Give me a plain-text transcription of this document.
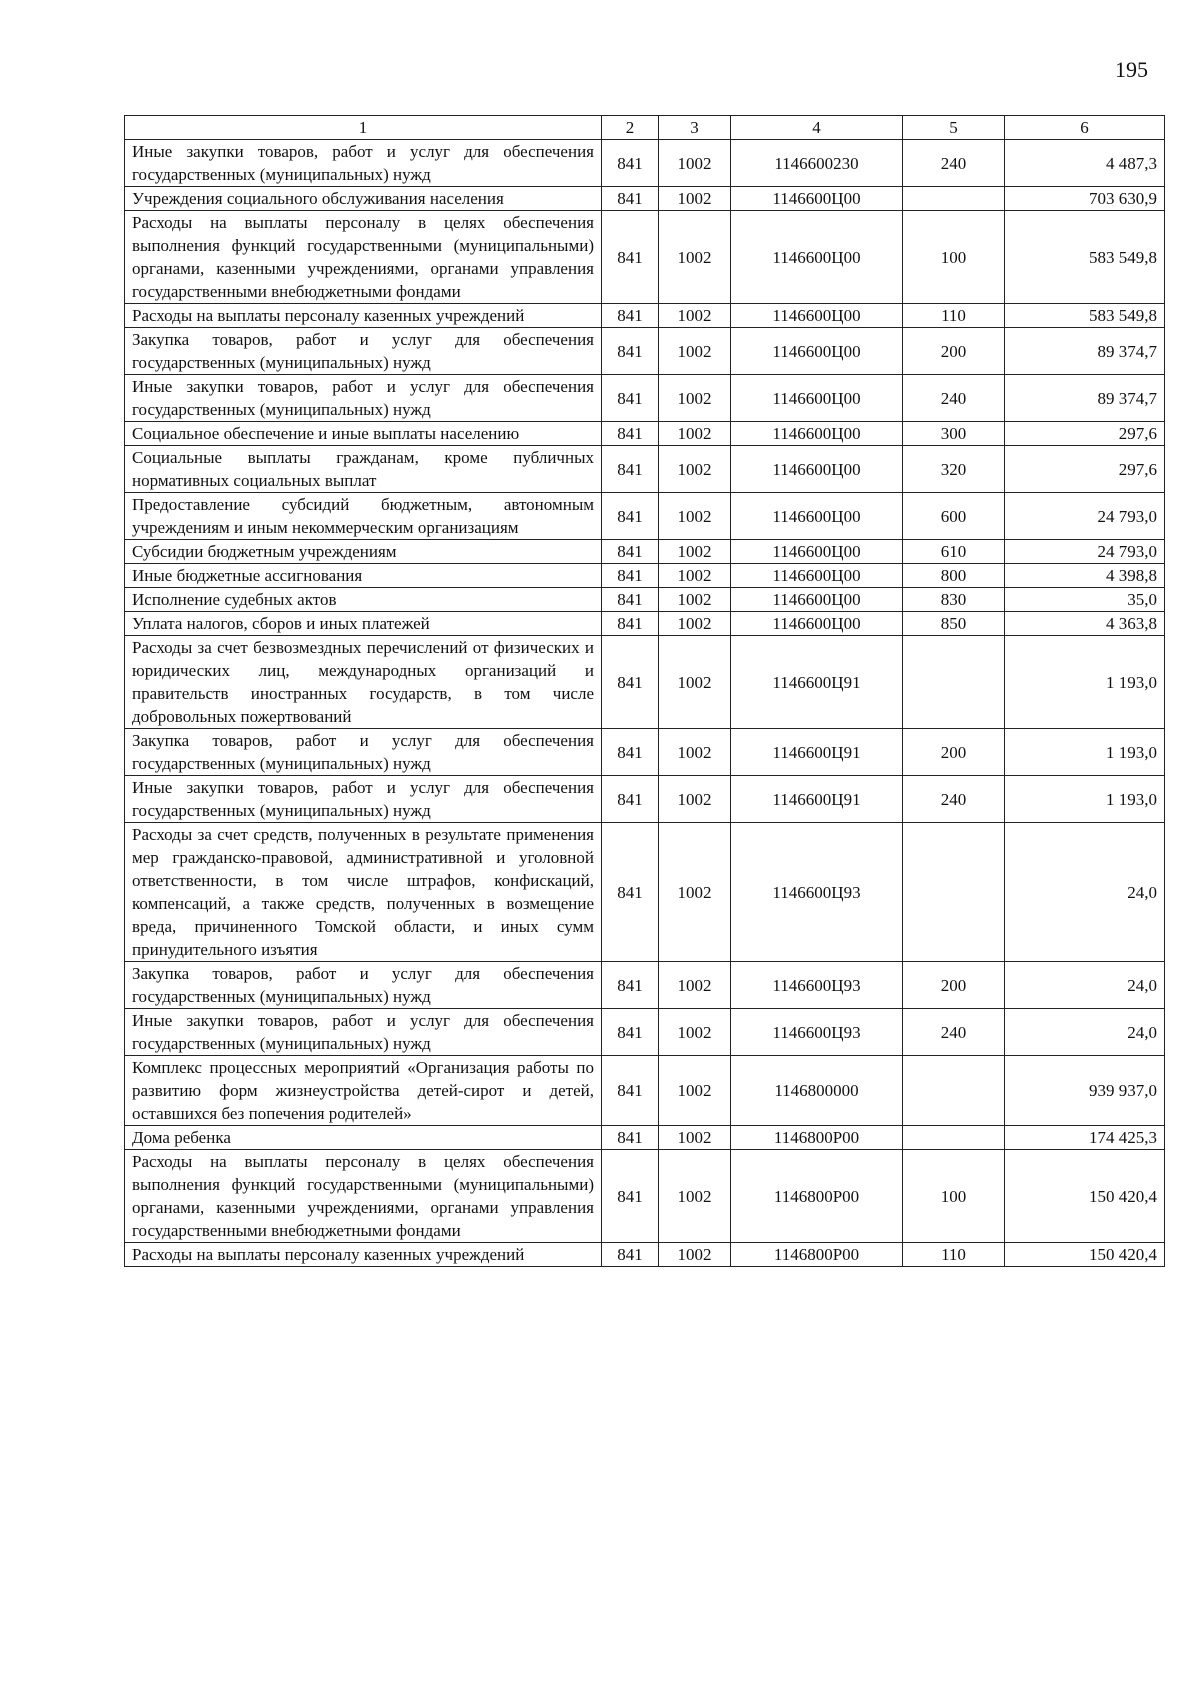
195
1	2	3	4	5	6
Иные закупки товаров, работ и услуг для обеспечения государственных (муниципальных) нужд	841	1002	1146600230	240	4 487,3
Учреждения социального обслуживания населения	841	1002	1146600Ц00		703 630,9
Расходы на выплаты персоналу в целях обеспечения выполнения функций государственными (муниципальными) органами, казенными учреждениями, органами управления государственными внебюджетными фондами	841	1002	1146600Ц00	100	583 549,8
Расходы на выплаты персоналу казенных учреждений	841	1002	1146600Ц00	110	583 549,8
Закупка товаров, работ и услуг для обеспечения государственных (муниципальных) нужд	841	1002	1146600Ц00	200	89 374,7
Иные закупки товаров, работ и услуг для обеспечения государственных (муниципальных) нужд	841	1002	1146600Ц00	240	89 374,7
Социальное обеспечение и иные выплаты населению	841	1002	1146600Ц00	300	297,6
Социальные выплаты гражданам, кроме публичных нормативных социальных выплат	841	1002	1146600Ц00	320	297,6
Предоставление субсидий бюджетным, автономным учреждениям и иным некоммерческим организациям	841	1002	1146600Ц00	600	24 793,0
Субсидии бюджетным учреждениям	841	1002	1146600Ц00	610	24 793,0
Иные бюджетные ассигнования	841	1002	1146600Ц00	800	4 398,8
Исполнение судебных актов	841	1002	1146600Ц00	830	35,0
Уплата налогов, сборов и иных платежей	841	1002	1146600Ц00	850	4 363,8
Расходы за счет безвозмездных перечислений от физических и юридических лиц, международных организаций и правительств иностранных государств, в том числе добровольных пожертвований	841	1002	1146600Ц91		1 193,0
Закупка товаров, работ и услуг для обеспечения государственных (муниципальных) нужд	841	1002	1146600Ц91	200	1 193,0
Иные закупки товаров, работ и услуг для обеспечения государственных (муниципальных) нужд	841	1002	1146600Ц91	240	1 193,0
Расходы за счет средств, полученных в результате применения мер гражданско-правовой, административной и уголовной ответственности, в том числе штрафов, конфискаций, компенсаций, а также средств, полученных в возмещение вреда, причиненного Томской области, и иных сумм принудительного изъятия	841	1002	1146600Ц93		24,0
Закупка товаров, работ и услуг для обеспечения государственных (муниципальных) нужд	841	1002	1146600Ц93	200	24,0
Иные закупки товаров, работ и услуг для обеспечения государственных (муниципальных) нужд	841	1002	1146600Ц93	240	24,0
Комплекс процессных мероприятий «Организация работы по развитию форм жизнеустройства детей-сирот и детей, оставшихся без попечения родителей»	841	1002	1146800000		939 937,0
Дома ребенка	841	1002	1146800Р00		174 425,3
Расходы на выплаты персоналу в целях обеспечения выполнения функций государственными (муниципальными) органами, казенными учреждениями, органами управления государственными внебюджетными фондами	841	1002	1146800Р00	100	150 420,4
Расходы на выплаты персоналу казенных учреждений	841	1002	1146800Р00	110	150 420,4
